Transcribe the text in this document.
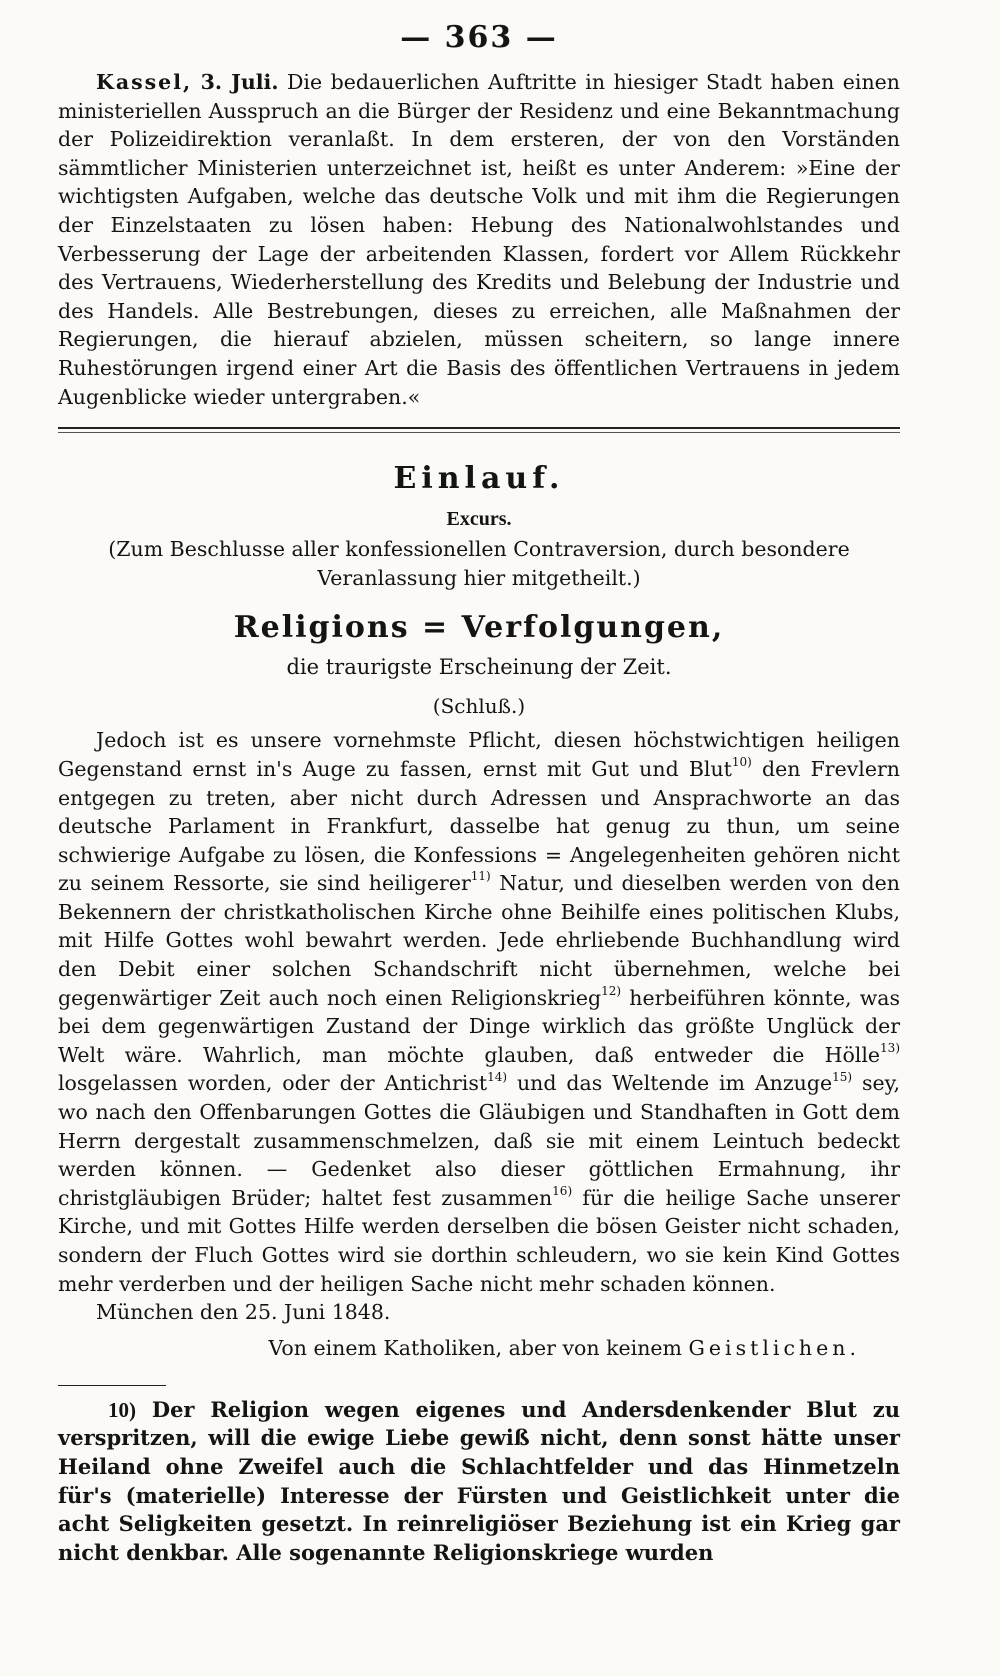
— 363 —

Kassel, 3. Juli. Die bedauerlichen Auftritte in hiesiger Stadt haben einen ministeriellen Ausspruch an die Bürger der Residenz und eine Bekanntmachung der Polizeidirektion veranlaßt. In dem ersteren, der von den Vorständen sämmtlicher Ministerien unterzeichnet ist, heißt es unter Anderem: »Eine der wichtigsten Aufgaben, welche das deutsche Volk und mit ihm die Regierungen der Einzelstaaten zu lösen haben: Hebung des Nationalwohlstandes und Verbesserung der Lage der arbeitenden Klassen, fordert vor Allem Rückkehr des Vertrauens, Wiederherstellung des Kredits und Belebung der Industrie und des Handels. Alle Bestrebungen, dieses zu erreichen, alle Maßnahmen der Regierungen, die hierauf abzielen, müssen scheitern, so lange innere Ruhestörungen irgend einer Art die Basis des öffentlichen Vertrauens in jedem Augenblicke wieder untergraben.«

Einlauf.
Excurs.
(Zum Beschlusse aller konfessionellen Contraversion, durch besondere Veranlassung hier mitgetheilt.)
Religions = Verfolgungen,
die traurigste Erscheinung der Zeit.
(Schluß.)

Jedoch ist es unsere vornehmste Pflicht, diesen höchstwichtigen heiligen Gegenstand ernst in's Auge zu fassen, ernst mit Gut und Blut$^{10)}$ den Frevlern entgegen zu treten, aber nicht durch Adressen und Ansprachworte an das deutsche Parlament in Frankfurt, dasselbe hat genug zu thun, um seine schwierige Aufgabe zu lösen, die Konfessions = Angelegenheiten gehören nicht zu seinem Ressorte, sie sind heiligerer$^{11)}$ Natur, und dieselben werden von den Bekennern der christkatholischen Kirche ohne Beihilfe eines politischen Klubs, mit Hilfe Gottes wohl bewahrt werden. Jede ehrliebende Buchhandlung wird den Debit einer solchen Schandschrift nicht übernehmen, welche bei gegenwärtiger Zeit auch noch einen Religionskrieg$^{12)}$ herbeiführen könnte, was bei dem gegenwärtigen Zustand der Dinge wirklich das größte Unglück der Welt wäre. Wahrlich, man möchte glauben, daß entweder die Hölle$^{13)}$ losgelassen worden, oder der Antichrist$^{14)}$ und das Weltende im Anzuge$^{15)}$ sey, wo nach den Offenbarungen Gottes die Gläubigen und Standhaften in Gott dem Herrn dergestalt zusammenschmelzen, daß sie mit einem Leintuch bedeckt werden können. — Gedenket also dieser göttlichen Ermahnung, ihr christgläubigen Brüder; haltet fest zusammen$^{16)}$ für die heilige Sache unserer Kirche, und mit Gottes Hilfe werden derselben die bösen Geister nicht schaden, sondern der Fluch Gottes wird sie dorthin schleudern, wo sie kein Kind Gottes mehr verderben und der heiligen Sache nicht mehr schaden können.

München den 25. Juni 1848.

Von einem Katholiken, aber von keinem Geistlichen.

10) Der Religion wegen eigenes und Andersdenkender Blut zu verspritzen, will die ewige Liebe gewiß nicht, denn sonst hätte unser Heiland ohne Zweifel auch die Schlachtfelder und das Hinmetzeln für's (materielle) Interesse der Fürsten und Geistlichkeit unter die acht Seligkeiten gesetzt. In reinreligiöser Beziehung ist ein Krieg gar nicht denkbar. Alle sogenannte Religionskriege wurden
